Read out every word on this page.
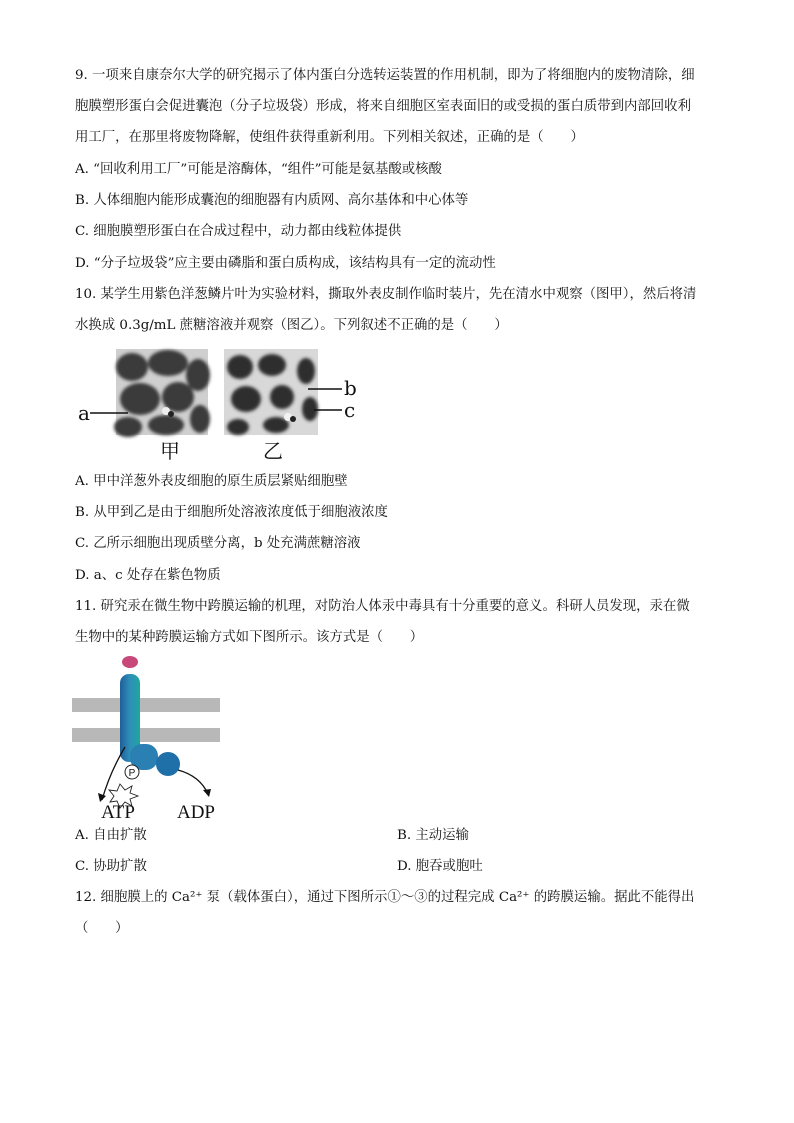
9. 一项来自康奈尔大学的研究揭示了体内蛋白分选转运装置的作用机制，即为了将细胞内的废物清除，细
胞膜塑形蛋白会促进囊泡（分子垃圾袋）形成，将来自细胞区室表面旧的或受损的蛋白质带到内部回收利
用工厂，在那里将废物降解，使组件获得重新利用。下列相关叙述，正确的是（　　）
A. “回收利用工厂”可能是溶酶体，“组件”可能是氨基酸或核酸
B. 人体细胞内能形成囊泡的细胞器有内质网、高尔基体和中心体等
C. 细胞膜塑形蛋白在合成过程中，动力都由线粒体提供
D. “分子垃圾袋”应主要由磷脂和蛋白质构成，该结构具有一定的流动性
10. 某学生用紫色洋葱鳞片叶为实验材料，撕取外表皮制作临时装片，先在清水中观察（图甲），然后将清
水换成 0.3g/mL 蔗糖溶液并观察（图乙）。下列叙述不正确的是（　　）
a
b
c
甲	乙
A. 甲中洋葱外表皮细胞的原生质层紧贴细胞壁
B. 从甲到乙是由于细胞所处溶液浓度低于细胞液浓度
C. 乙所示细胞出现质壁分离，b 处充满蔗糖溶液
D. a、c 处存在紫色物质
11. 研究汞在微生物中跨膜运输的机理，对防治人体汞中毒具有十分重要的意义。科研人员发现，汞在微
生物中的某种跨膜运输方式如下图所示。该方式是（　　）
P
ATP ADP
A. 自由扩散	B. 主动运输
C. 协助扩散	D. 胞吞或胞吐
12. 细胞膜上的 Ca²⁺ 泵（载体蛋白），通过下图所示①～③的过程完成 Ca²⁺ 的跨膜运输。据此不能得出
（　　）
